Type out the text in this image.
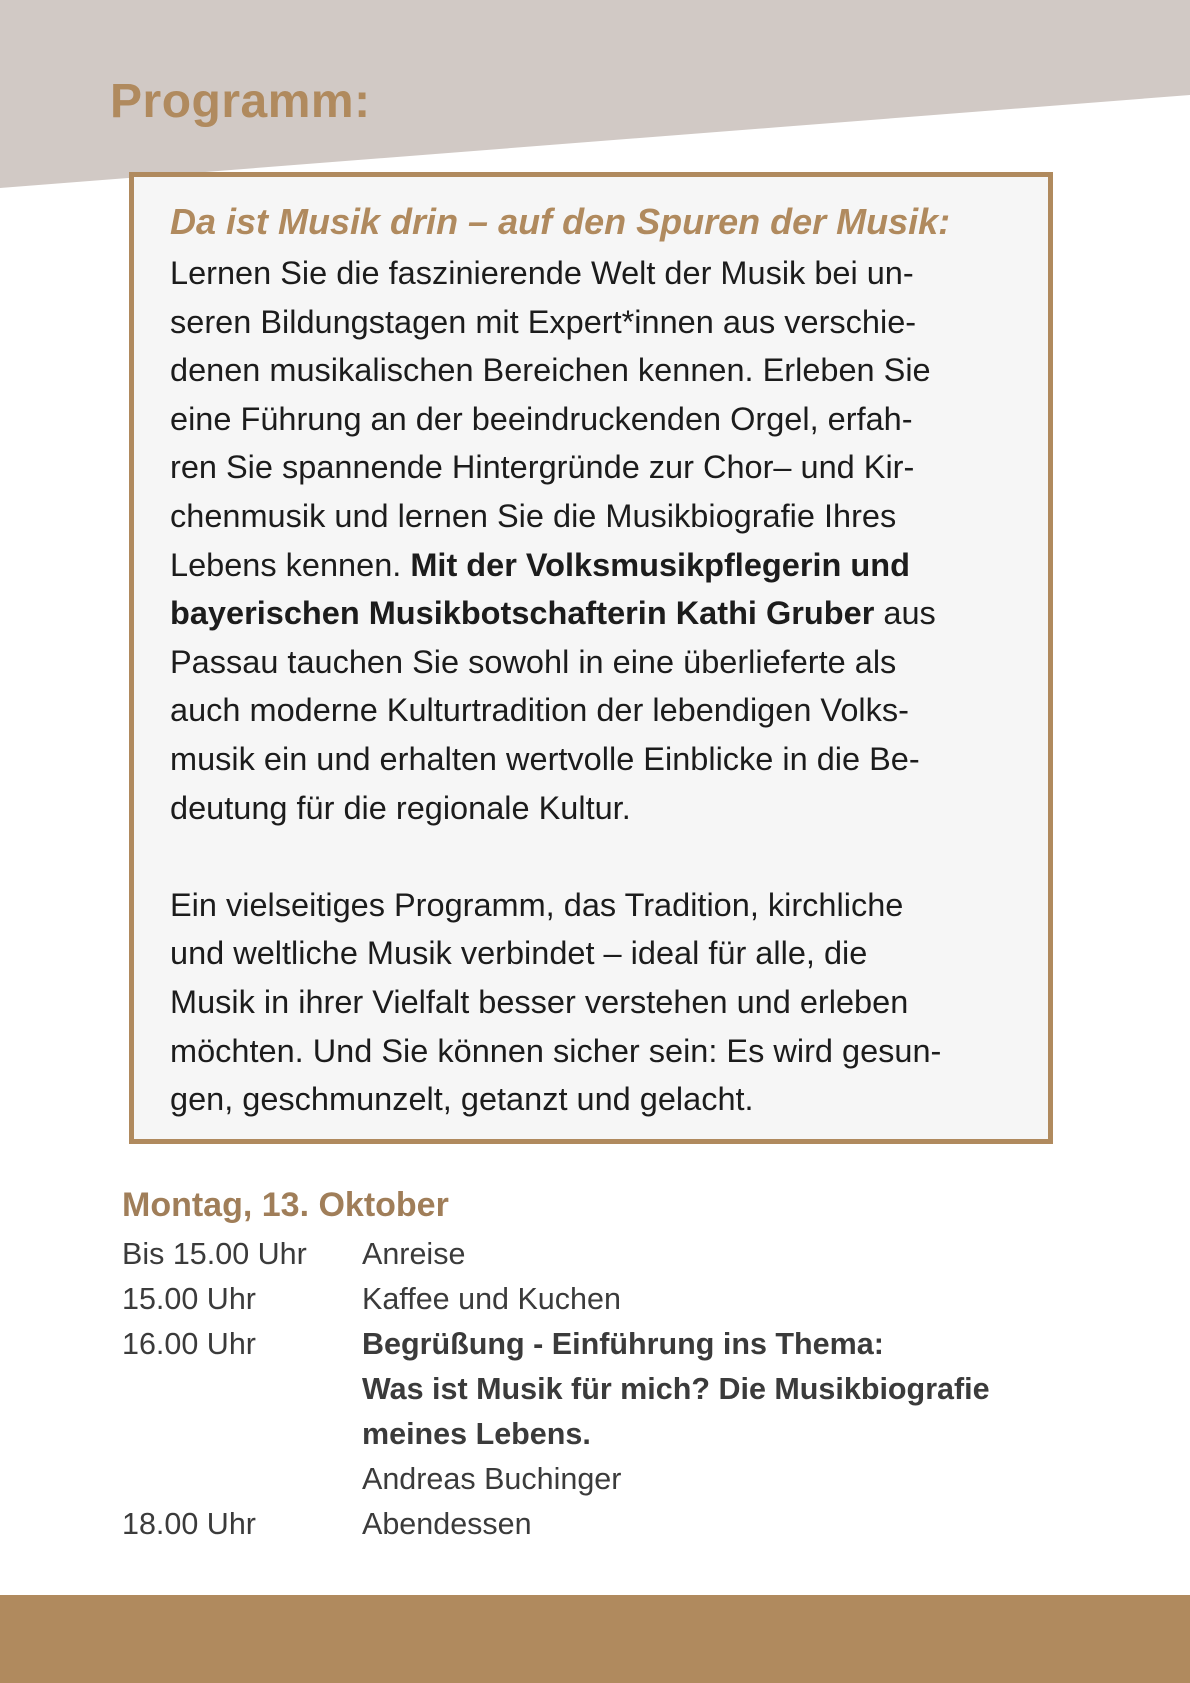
Programm:
Da ist Musik drin – auf den Spuren der Musik:

Lernen Sie die faszinierende Welt der Musik bei un-
seren Bildungstagen mit Expert*innen aus verschie-
denen musikalischen Bereichen kennen. Erleben Sie
eine Führung an der beeindruckenden Orgel, erfah-
ren Sie spannende Hintergründe zur Chor– und Kir-
chenmusik und lernen Sie die Musikbiografie Ihres
Lebens kennen. Mit der Volksmusikpflegerin und
bayerischen Musikbotschafterin Kathi Gruber aus
Passau tauchen Sie sowohl in eine überlieferte als
auch moderne Kulturtradition der lebendigen Volks-
musik ein und erhalten wertvolle Einblicke in die Be-
deutung für die regionale Kultur.

Ein vielseitiges Programm, das Tradition, kirchliche
und weltliche Musik verbindet – ideal für alle, die
Musik in ihrer Vielfalt besser verstehen und erleben
möchten. Und Sie können sicher sein: Es wird gesun-
gen, geschmunzelt, getanzt und gelacht.

Montag, 13. Oktober
Bis 15.00 Uhr	Anreise
15.00 Uhr	Kaffee und Kuchen
16.00 Uhr	Begrüßung - Einführung ins Thema:
Was ist Musik für mich? Die Musikbiografie
meines Lebens.
Andreas Buchinger
18.00 Uhr	Abendessen
